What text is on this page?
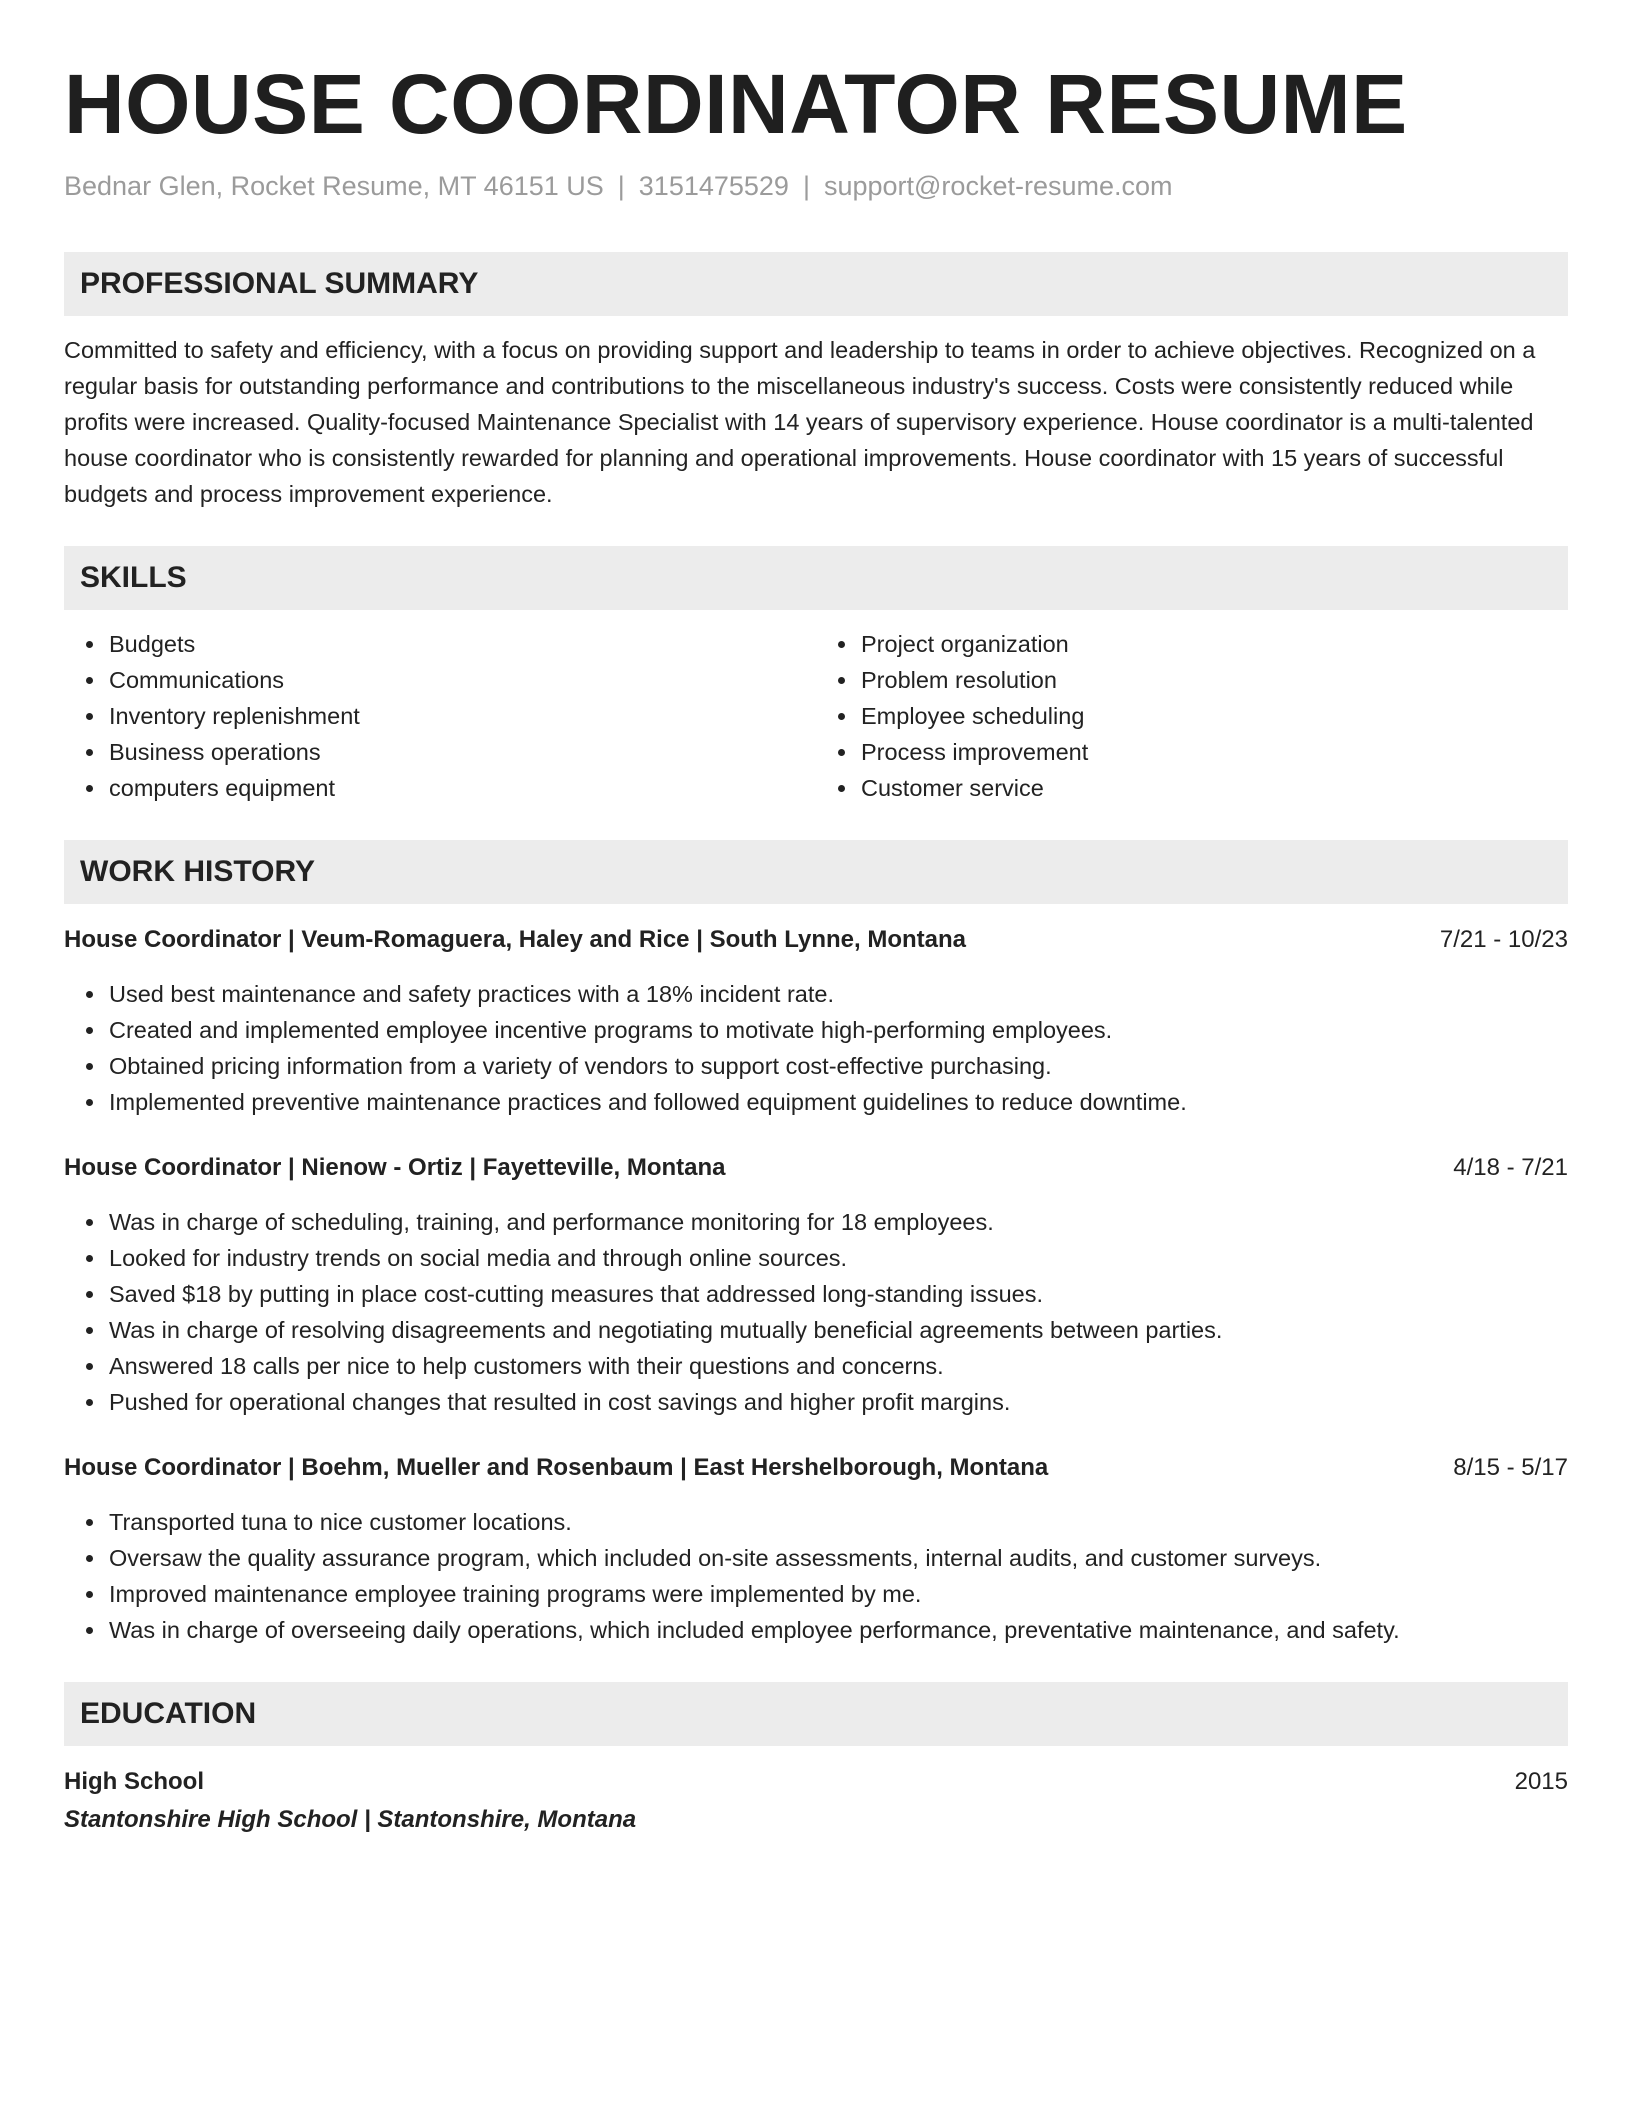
HOUSE COORDINATOR RESUME
Bednar Glen, Rocket Resume, MT 46151 US | 3151475529 | support@rocket-resume.com
PROFESSIONAL SUMMARY

Committed to safety and efficiency, with a focus on providing support and leadership to teams in order to achieve objectives. Recognized on a regular basis for outstanding performance and contributions to the miscellaneous industry's success. Costs were consistently reduced while profits were increased. Quality-focused Maintenance Specialist with 14 years of supervisory experience. House coordinator is a multi-talented house coordinator who is consistently rewarded for planning and operational improvements. House coordinator with 15 years of successful budgets and process improvement experience.

SKILLS
• Budgets
• Communications
• Inventory replenishment
• Business operations
• computers equipment
• Project organization
• Problem resolution
• Employee scheduling
• Process improvement
• Customer service
WORK HISTORY
House Coordinator | Veum-Romaguera, Haley and Rice | South Lynne, Montana	7/21 - 10/23
• Used best maintenance and safety practices with a 18% incident rate.
• Created and implemented employee incentive programs to motivate high-performing employees.
• Obtained pricing information from a variety of vendors to support cost-effective purchasing.
• Implemented preventive maintenance practices and followed equipment guidelines to reduce downtime.
House Coordinator | Nienow - Ortiz | Fayetteville, Montana	4/18 - 7/21
• Was in charge of scheduling, training, and performance monitoring for 18 employees.
• Looked for industry trends on social media and through online sources.
• Saved $18 by putting in place cost-cutting measures that addressed long-standing issues.
• Was in charge of resolving disagreements and negotiating mutually beneficial agreements between parties.
• Answered 18 calls per nice to help customers with their questions and concerns.
• Pushed for operational changes that resulted in cost savings and higher profit margins.
House Coordinator | Boehm, Mueller and Rosenbaum | East Hershelborough, Montana	8/15 - 5/17
• Transported tuna to nice customer locations.
• Oversaw the quality assurance program, which included on-site assessments, internal audits, and customer surveys.
• Improved maintenance employee training programs were implemented by me.
• Was in charge of overseeing daily operations, which included employee performance, preventative maintenance, and safety.
EDUCATION
High School	2015
Stantonshire High School | Stantonshire, Montana
